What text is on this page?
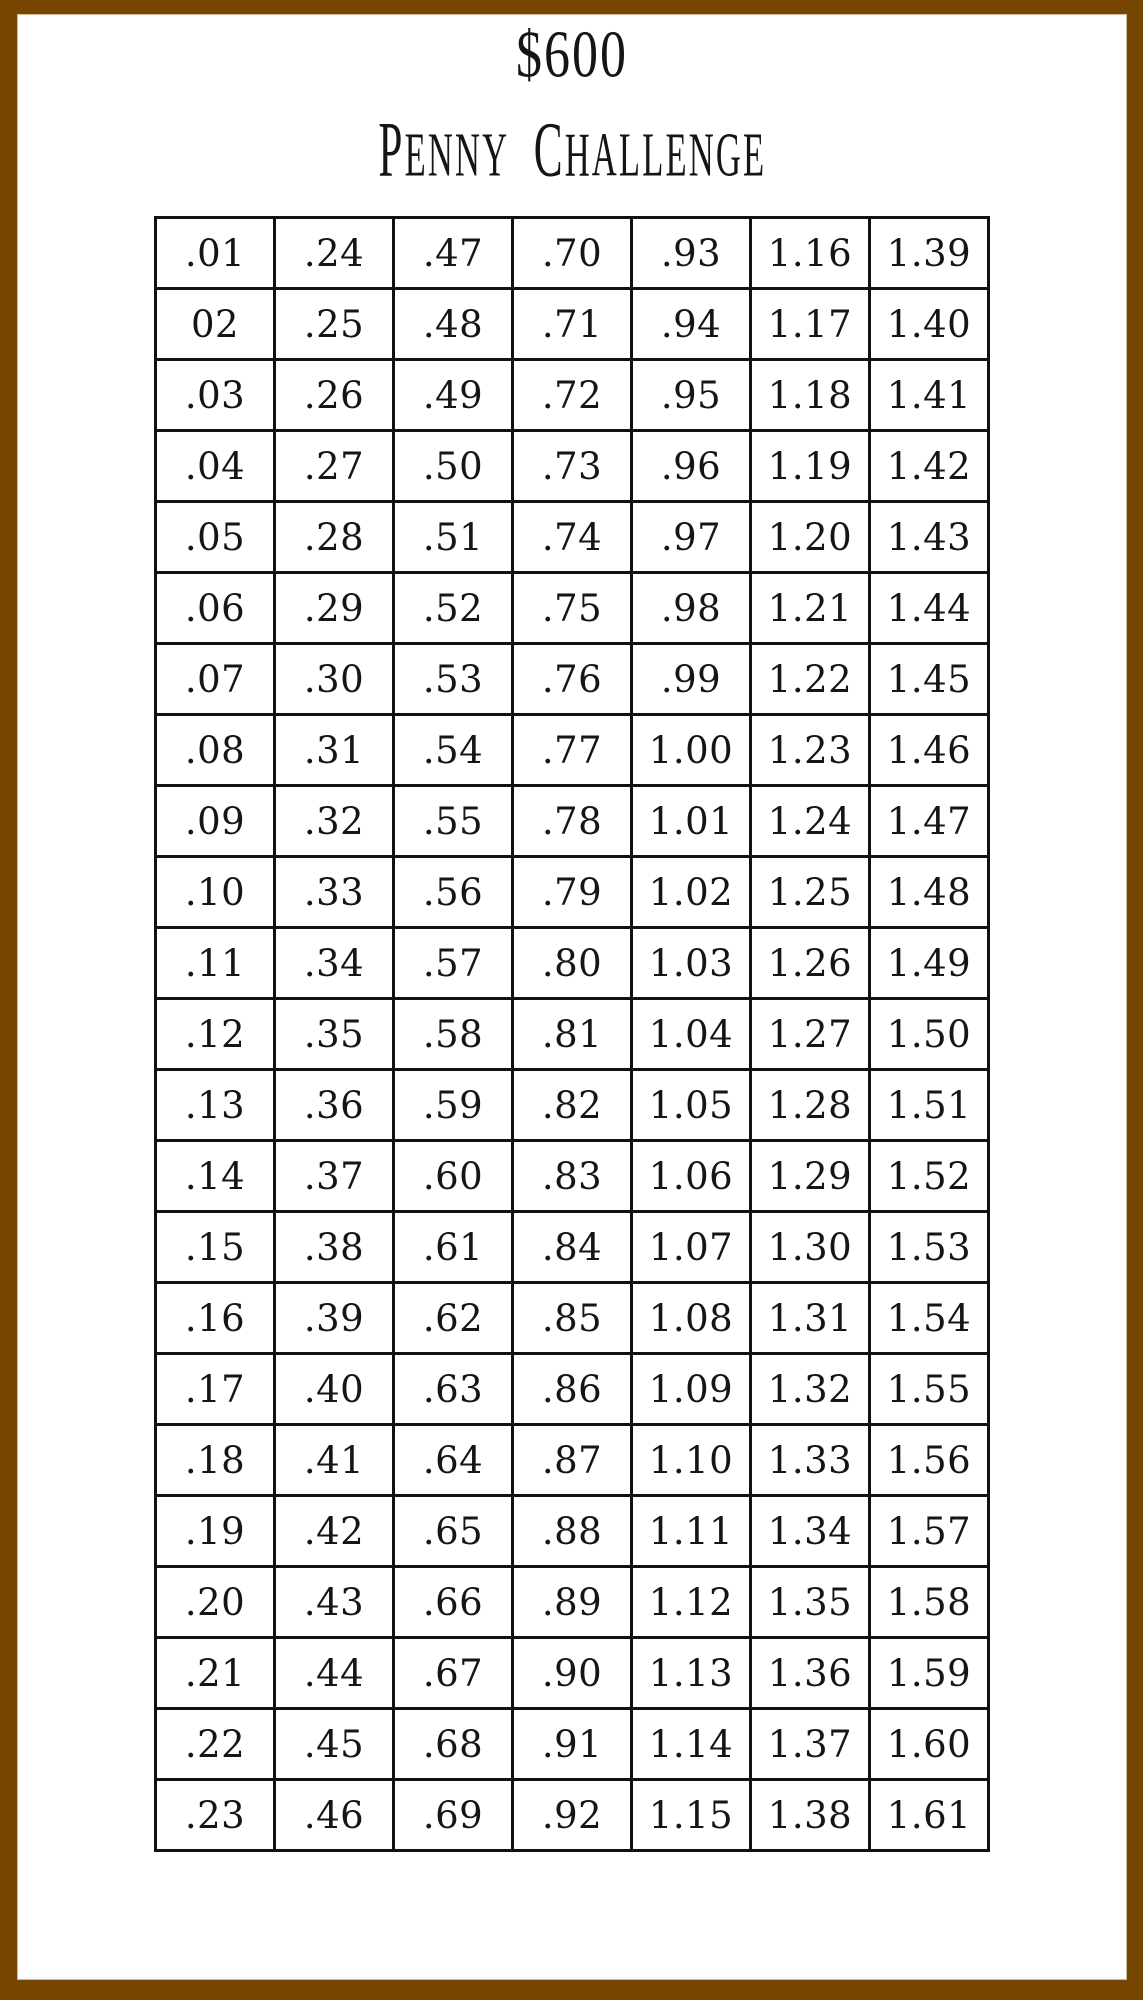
$600
PENNY CHALLENGE
.01	.24	.47	.70	.93	1.16	1.39
02	.25	.48	.71	.94	1.17	1.40
.03	.26	.49	.72	.95	1.18	1.41
.04	.27	.50	.73	.96	1.19	1.42
.05	.28	.51	.74	.97	1.20	1.43
.06	.29	.52	.75	.98	1.21	1.44
.07	.30	.53	.76	.99	1.22	1.45
.08	.31	.54	.77	1.00	1.23	1.46
.09	.32	.55	.78	1.01	1.24	1.47
.10	.33	.56	.79	1.02	1.25	1.48
.11	.34	.57	.80	1.03	1.26	1.49
.12	.35	.58	.81	1.04	1.27	1.50
.13	.36	.59	.82	1.05	1.28	1.51
.14	.37	.60	.83	1.06	1.29	1.52
.15	.38	.61	.84	1.07	1.30	1.53
.16	.39	.62	.85	1.08	1.31	1.54
.17	.40	.63	.86	1.09	1.32	1.55
.18	.41	.64	.87	1.10	1.33	1.56
.19	.42	.65	.88	1.11	1.34	1.57
.20	.43	.66	.89	1.12	1.35	1.58
.21	.44	.67	.90	1.13	1.36	1.59
.22	.45	.68	.91	1.14	1.37	1.60
.23	.46	.69	.92	1.15	1.38	1.61
